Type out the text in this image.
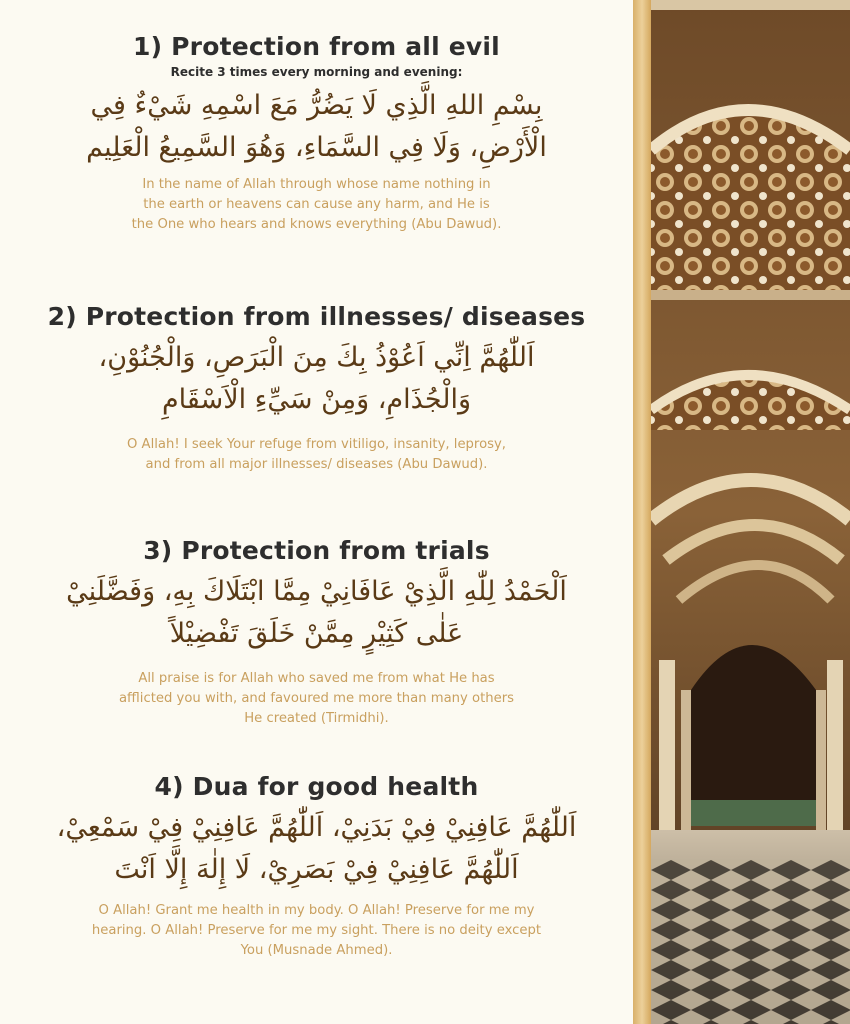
1) Protection from all evil
Recite 3 times every morning and evening:
بِسْمِ اللهِ الَّذِي لَا يَضُرُّ مَعَ اسْمِهِ شَيْءٌ فِي
الْأَرْضِ، وَلَا فِي السَّمَاءِ، وَهُوَ السَّمِيعُ الْعَلِيم
In the name of Allah through whose name nothing in
the earth or heavens can cause any harm, and He is
the One who hears and knows everything (Abu Dawud).
2) Protection from illnesses/ diseases
اَللّٰهُمَّ اِنِّي اَعُوْذُ بِكَ مِنَ الْبَرَصِ، وَالْجُنُوْنِ،
وَالْجُذَامِ، وَمِنْ سَيِّءِ الْاَسْقَامِ
O Allah! I seek Your refuge from vitiligo, insanity, leprosy,
and from all major illnesses/ diseases (Abu Dawud).
3) Protection from trials
اَلْحَمْدُ لِلّٰهِ الَّذِيْ عَافَانِيْ مِمَّا ابْتَلَاكَ بِهِ، وَفَضَّلَنِيْ
عَلٰى كَثِيْرٍ مِمَّنْ خَلَقَ تَفْضِيْلاً
All praise is for Allah who saved me from what He has
afflicted you with, and favoured me more than many others
He created (Tirmidhi).
4) Dua for good health
اَللّٰهُمَّ عَافِنِيْ فِيْ بَدَنِيْ، اَللّٰهُمَّ عَافِنِيْ فِيْ سَمْعِيْ،
اَللّٰهُمَّ عَافِنِيْ فِيْ بَصَرِيْ، لَا إِلٰهَ إِلَّا اَنْتَ
O Allah! Grant me health in my body. O Allah! Preserve for me my
hearing. O Allah! Preserve for me my sight. There is no deity except
You (Musnade Ahmed).
